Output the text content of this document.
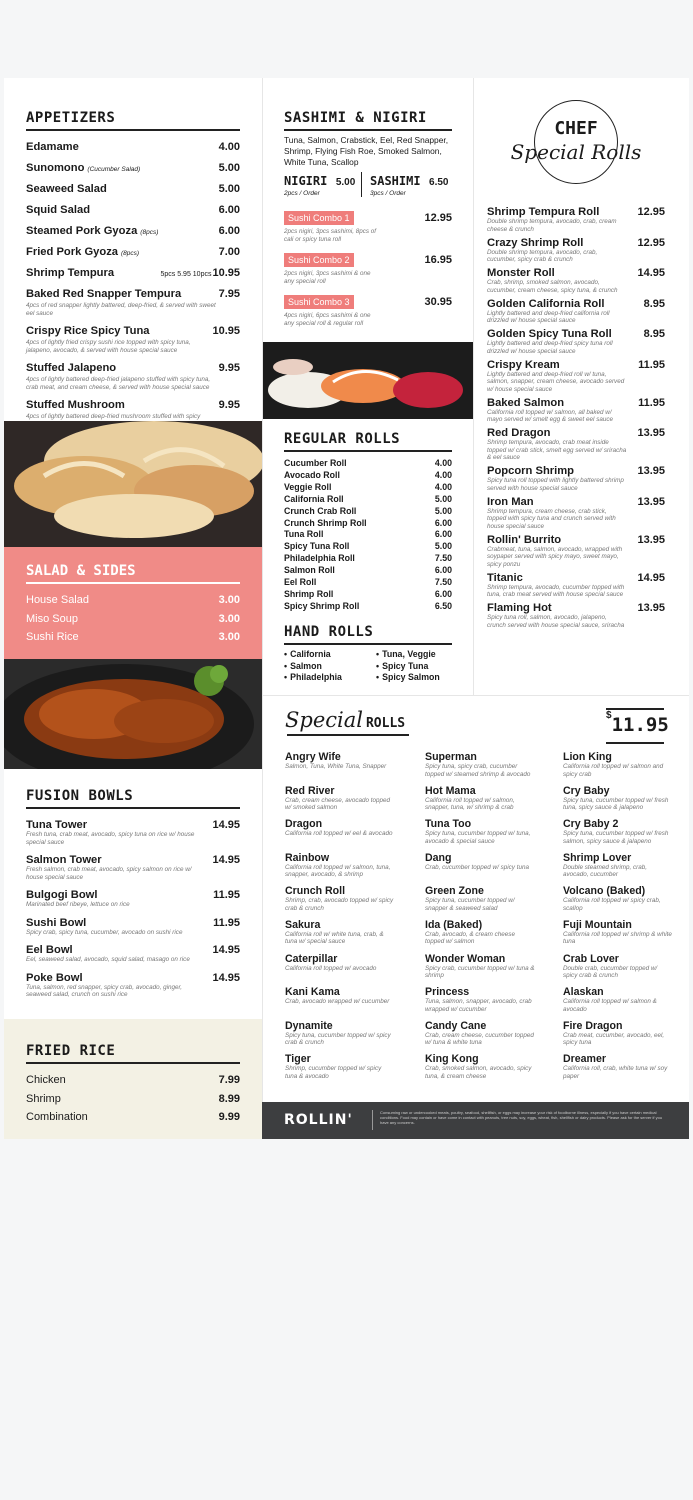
APPETIZERS
Edamame	4.00
Sunomono (Cucumber Salad)	5.00
Seaweed Salad	5.00
Squid Salad	6.00
Steamed Pork Gyoza (8pcs)	6.00
Fried Pork Gyoza (8pcs)	7.00
Shrimp Tempura	5pcs 5.95 10pcs10.95
Baked Red Snapper Tempura	7.95
4pcs of red snapper lightly battered, deep-fried, & served with sweet eel sauce
Crispy Rice Spicy Tuna	10.95
4pcs of lightly fried crispy sushi rice topped with spicy tuna, jalapeno, avocado, & served with house special sauce
Stuffed Jalapeno	9.95
4pcs of lightly battered deep-fried jalapeno stuffed with spicy tuna, crab meat, and cream cheese, & served with house special sauce
Stuffed Mushroom	9.95
4pcs of lightly battered deep-fried mushroom stuffed with spicy
SALAD & SIDES
House Salad	3.00
Miso Soup	3.00
Sushi Rice	3.00
FUSION BOWLS
Tuna Tower	14.95
Fresh tuna, crab meat, avocado, spicy tuna on rice w/ house special sauce
Salmon Tower	14.95
Fresh salmon, crab meat, avocado, spicy salmon on rice w/ house special sauce
Bulgogi Bowl	11.95
Marinated beef ribeye, lettuce on rice
Sushi Bowl	11.95
Spicy crab, spicy tuna, cucumber, avocado on sushi rice
Eel Bowl	14.95
Eel, seaweed salad, avocado, squid salad, masago on rice
Poke Bowl	14.95
Tuna, salmon, red snapper, spicy crab, avocado, ginger, seaweed salad, crunch on sushi rice
FRIED RICE
Chicken	7.99
Shrimp	8.99
Combination	9.99
SASHIMI & NIGIRI
Tuna, Salmon, Crabstick, Eel, Red Snapper, Shrimp, Flying Fish Roe, Smoked Salmon, White Tuna, Scallop
NIGIRI 5.00
2pcs / Order
SASHIMI 6.50
3pcs / Order
Sushi Combo 1	12.95
2pcs nigiri, 3pcs sashimi, 8pcs of cali or spicy tuna roll
Sushi Combo 2	16.95
2pcs nigiri, 3pcs sashimi & one any special roll
Sushi Combo 3	30.95
4pcs nigiri, 6pcs sashimi & one any special roll & regular roll
REGULAR ROLLS
Cucumber Roll	4.00
Avocado Roll	4.00
Veggie Roll	4.00
California Roll	5.00
Crunch Crab Roll	5.00
Crunch Shrimp Roll	6.00
Tuna Roll	6.00
Spicy Tuna Roll	5.00
Philadelphia Roll	7.50
Salmon Roll	6.00
Eel Roll	7.50
Shrimp Roll	6.00
Spicy Shrimp Roll	6.50
HAND ROLLS
• California
• Salmon
• Philadelphia
• Tuna, Veggie
• Spicy Tuna
• Spicy Salmon
CHEF
Special Rolls
Shrimp Tempura Roll	12.95
Double shrimp tempura, avocado, crab, cream cheese & crunch
Crazy Shrimp Roll	12.95
Double shrimp tempura, avocado, crab, cucumber, spicy crab & crunch
Monster Roll	14.95
Crab, shrimp, smoked salmon, avocado, cucumber, cream cheese, spicy tuna, & crunch
Golden California Roll	8.95
Lightly battered and deep-fried california roll drizzled w/ house special sauce
Golden Spicy Tuna Roll	8.95
Lightly battered and deep-fried spicy tuna roll drizzled w/ house special sauce
Crispy Kream	11.95
Lightly battered and deep-fried roll w/ tuna, salmon, snapper, cream cheese, avocado served w/ house special sauce
Baked Salmon	11.95
California roll topped w/ salmon, all baked w/ mayo served w/ smelt egg & sweet eel sauce
Red Dragon	13.95
Shrimp tempura, avocado, crab meat inside topped w/ crab stick, smelt egg served w/ sriracha & eel sauce
Popcorn Shrimp	13.95
Spicy tuna roll topped with lightly battered shrimp served with house special sauce
Iron Man	13.95
Shrimp tempura, cream cheese, crab stick, topped with spicy tuna and crunch served with house special sauce
Rollin' Burrito	13.95
Crabmeat, tuna, salmon, avocado, wrapped with soypaper served with spicy mayo, sweet mayo, spicy ponzu
Titanic	14.95
Shrimp tempura, avocado, cucumber topped with tuna, crab meat served with house special sauce
Flaming Hot	13.95
Spicy tuna roll, salmon, avocado, jalapeno, crunch served with house special sauce, sriracha
Special ROLLS
$11.95
Angry Wife
Salmon, Tuna, White Tuna, Snapper
Red River
Crab, cream cheese, avocado topped w/ smoked salmon
Dragon
California roll topped w/ eel & avocado
Rainbow
California roll topped w/ salmon, tuna, snapper, avocado, & shrimp
Crunch Roll
Shrimp, crab, avocado topped w/ spicy crab & crunch
Sakura
California roll w/ white tuna, crab, & tuna w/ special sauce
Caterpillar
California roll topped w/ avocado
Kani Kama
Crab, avocado wrapped w/ cucumber
Dynamite
Spicy tuna, cucumber topped w/ spicy crab & crunch
Tiger
Shrimp, cucumber topped w/ spicy tuna & avocado
Superman
Spicy tuna, spicy crab, cucumber topped w/ steamed shrimp & avocado
Hot Mama
California roll topped w/ salmon, snapper, tuna, w/ shrimp & crab
Tuna Too
Spicy tuna, cucumber topped w/ tuna, avocado & special sauce
Dang
Crab, cucumber topped w/ spicy tuna
Green Zone
Spicy tuna, cucumber topped w/ snapper & seaweed salad
Ida (Baked)
Crab, avocado, & cream cheese topped w/ salmon
Wonder Woman
Spicy crab, cucumber topped w/ tuna & shrimp
Princess
Tuna, salmon, snapper, avocado, crab wrapped w/ cucumber
Candy Cane
Crab, cream cheese, cucumber topped w/ tuna & white tuna
King Kong
Crab, smoked salmon, avocado, spicy tuna, & cream cheese
Lion King
California roll topped w/ salmon and spicy crab
Cry Baby
Spicy tuna, cucumber topped w/ fresh tuna, spicy sauce & jalapeno
Cry Baby 2
Spicy tuna, cucumber topped w/ fresh salmon, spicy sauce & jalapeno
Shrimp Lover
Double steamed shrimp, crab, avocado, cucumber
Volcano (Baked)
California roll topped w/ spicy crab, scallop
Fuji Mountain
California roll topped w/ shrimp & white tuna
Crab Lover
Double crab, cucumber topped w/ spicy crab & crunch
Alaskan
California roll topped w/ salmon & avocado
Fire Dragon
Crab meat, cucumber, avocado, eel, spicy tuna
Dreamer
California roll, crab, white tuna w/ soy paper
ROLLIN'	Consuming raw or undercooked meats, poultry, seafood, shellfish, or eggs may increase your risk of foodborne illness, especially if you have certain medical conditions. Food may contain or have come in contact with peanuts, tree nuts, soy, eggs, wheat, fish, shellfish or dairy products. Please ask for the server if you have any concerns.
